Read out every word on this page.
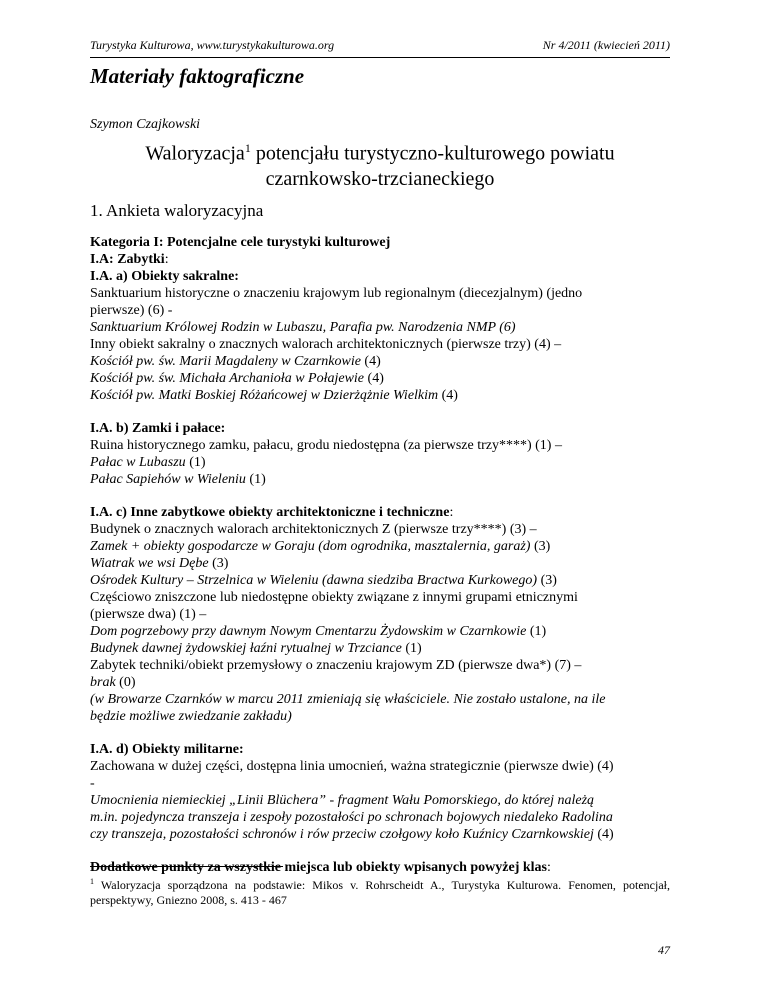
Turystyka Kulturowa, www.turystykakulturowa.org	Nr 4/2011 (kwiecień 2011)
Materiały faktograficzne
Szymon Czajkowski
Waloryzacja$^1$ potencjału turystyczno-kulturowego powiatu
czarnkowsko-trzcianeckiego
1. Ankieta waloryzacyjna

Kategoria I: Potencjalne cele turystyki kulturowej

I.A: Zabytki:

I.A. a) Obiekty sakralne:

Sanktuarium historyczne o znaczeniu krajowym lub regionalnym (diecezjalnym) (jedno

pierwsze) (6) -

Sanktuarium Królowej Rodzin w Lubaszu, Parafia pw. Narodzenia NMP (6)

Inny obiekt sakralny o znacznych walorach architektonicznych (pierwsze trzy) (4) –

Kościół pw. św. Marii Magdaleny w Czarnkowie (4)

Kościół pw. św. Michała Archanioła w Połajewie (4)

Kościół pw. Matki Boskiej Różańcowej w Dzierżążnie Wielkim (4)

I.A. b) Zamki i pałace:

Ruina historycznego zamku, pałacu, grodu niedostępna (za pierwsze trzy****) (1) –

Pałac w Lubaszu (1)

Pałac Sapiehów w Wieleniu (1)

I.A. c) Inne zabytkowe obiekty architektoniczne i techniczne:

Budynek o znacznych walorach architektonicznych Z (pierwsze trzy****) (3) –

Zamek + obiekty gospodarcze w Goraju (dom ogrodnika, masztalernia, garaż) (3)

Wiatrak we wsi Dębe (3)

Ośrodek Kultury – Strzelnica w Wieleniu (dawna siedziba Bractwa Kurkowego) (3)

Częściowo zniszczone lub niedostępne obiekty związane z innymi grupami etnicznymi

(pierwsze dwa) (1) –

Dom pogrzebowy przy dawnym Nowym Cmentarzu Żydowskim w Czarnkowie (1)

Budynek dawnej żydowskiej łaźni rytualnej w Trzciance (1)

Zabytek techniki/obiekt przemysłowy o znaczeniu krajowym ZD (pierwsze dwa*) (7) –

brak (0)

(w Browarze Czarnków w marcu 2011 zmieniają się właściciele. Nie zostało ustalone, na ile

będzie możliwe zwiedzanie zakładu)

I.A. d) Obiekty militarne:

Zachowana w dużej części, dostępna linia umocnień, ważna strategicznie (pierwsze dwie) (4)

-

Umocnienia niemieckiej „Linii Blüchera” - fragment Wału Pomorskiego, do której należą

m.in. pojedyncza transzeja i zespoły pozostałości po schronach bojowych niedaleko Radolina

czy transzeja, pozostałości schronów i rów przeciw czołgowy koło Kuźnicy Czarnkowskiej (4)

Dodatkowe punkty za wszystkie miejsca lub obiekty wpisanych powyżej klas:

$^1$ Waloryzacja sporządzona na podstawie: Mikos v. Rohrscheidt A., Turystyka Kulturowa. Fenomen, potencjał, perspektywy, Gniezno 2008, s. 413 - 467
47
